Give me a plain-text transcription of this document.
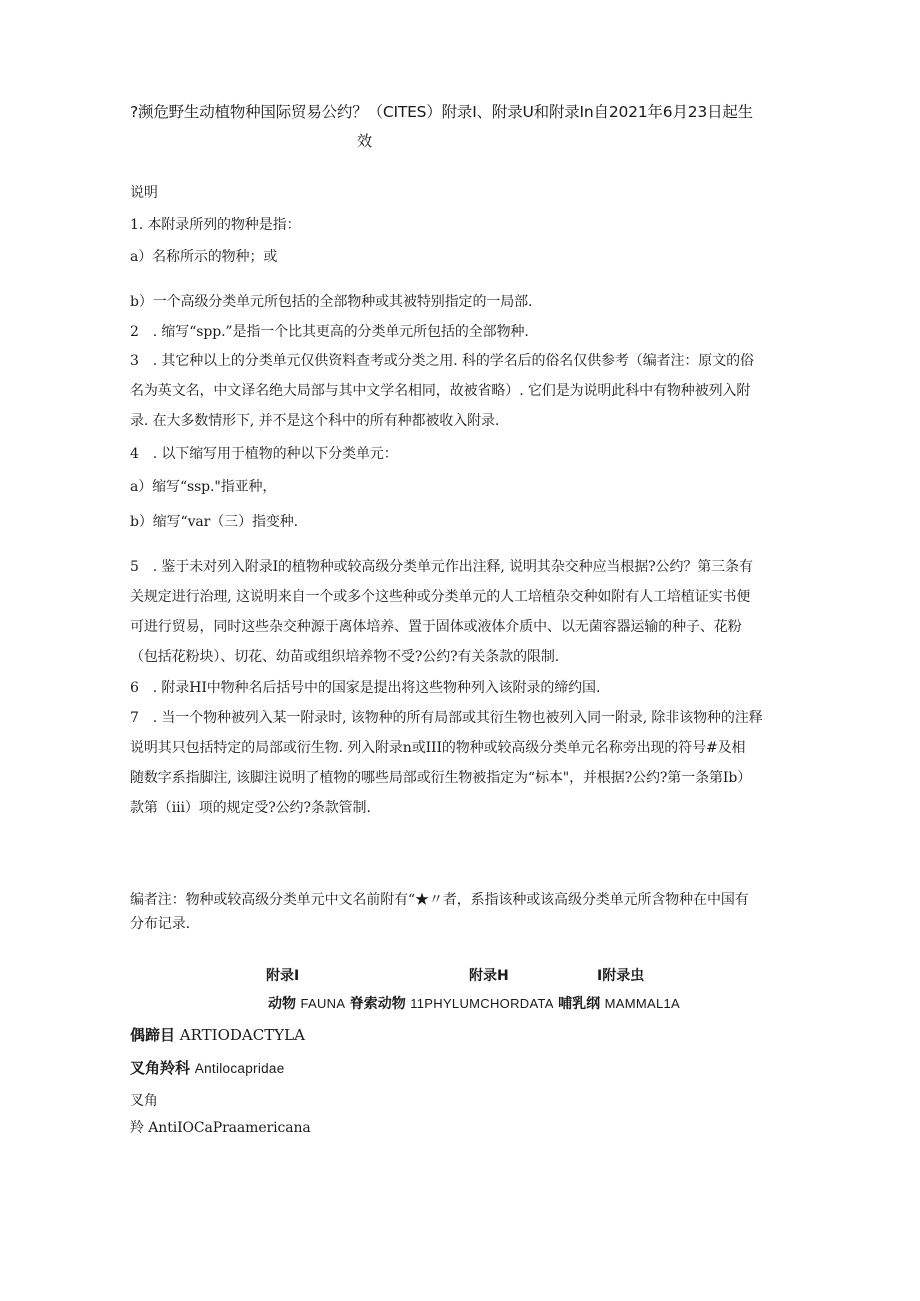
?濒危野生动植物种国际贸易公约？（CITES）附录I、附录U和附录In自2021年6月23日起生
效
说明
1. 本附录所列的物种是指：
a）名称所示的物种；或
b）一个高级分类单元所包括的全部物种或其被特别指定的一局部.
2　. 缩写“spp.”是指一个比其更高的分类单元所包括的全部物种.
3　. 其它种以上的分类单元仅供资料查考或分类之用. 科的学名后的俗名仅供参考（编者注：原文的俗
名为英文名，中文译名绝大局部与其中文学名相同，故被省略）. 它们是为说明此科中有物种被列入附
录. 在大多数情形下, 并不是这个科中的所有种都被收入附录.
4　. 以下缩写用于植物的种以下分类单元：
a）缩写“ssp."指亚种，
b）缩写“var（三）指变种.
5　. 鉴于未对列入附录I的植物种或较高级分类单元作出注释, 说明其杂交种应当根据?公约？第三条有
关规定进行治理, 这说明来自一个或多个这些种或分类单元的人工培植杂交种如附有人工培植证实书便
可进行贸易，同时这些杂交种源于离体培养、置于固体或液体介质中、以无菌容器运输的种子、花粉
（包括花粉块）、切花、幼苗或组织培养物不受?公约?有关条款的限制.
6　. 附录HI中物种名后括号中的国家是提出将这些物种列入该附录的缔约国.
7　. 当一个物种被列入某一附录时, 该物种的所有局部或其衍生物也被列入同一附录, 除非该物种的注释
说明其只包括特定的局部或衍生物. 列入附录n或III的物种或较高级分类单元名称旁出现的符号#及相
随数字系指脚注, 该脚注说明了植物的哪些局部或衍生物被指定为“标本"，并根据?公约?第一条第Ib）
款第（iii）项的规定受?公约?条款管制.
编者注：物种或较高级分类单元中文名前附有“★〃者，系指该种或该高级分类单元所含物种在中国有
分布记录.
附录I	附录H	I附录虫
动物 FAUNA 脊索动物 11PHYLUMCHORDATA 哺乳纲 MAMMAL1A
偶蹄目 ARTIODACTYLA
叉角羚科 Antilocapridae
叉角
羚 AntiIOCaPraamericana
